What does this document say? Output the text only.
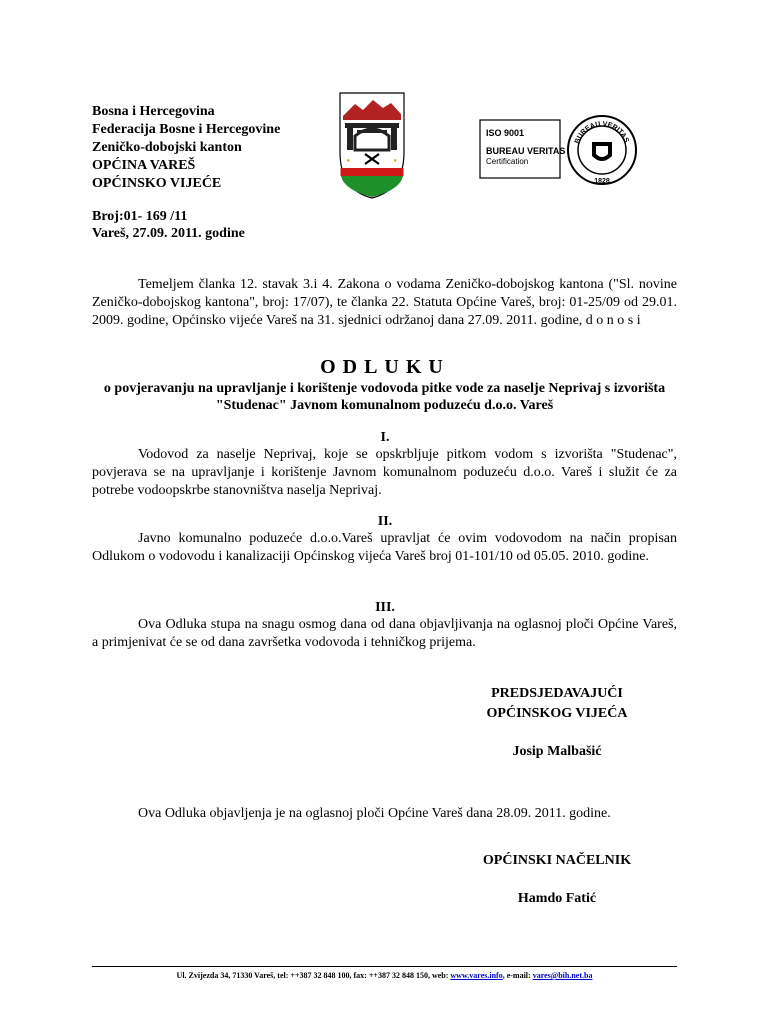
Bosna i Hercegovina
Federacija Bosne i Hercegovine
Zeničko-dobojski kanton
OPĆINA VAREŠ
OPĆINSKO VIJEĆE
★	★
ISO 9001
BUREAU VERITAS
Certification
BUREAU VERITAS
1828
Broj:01- 169 /11
Vareš, 27.09. 2011. godine
Temeljem članka 12. stavak 3.i 4. Zakona o vodama Zeničko-dobojskog kantona ("Sl. novine Zeničko-dobojskog kantona", broj: 17/07), te članka 22. Statuta Općine Vareš, broj: 01-25/09 od 29.01. 2009. godine, Općinsko vijeće Vareš na 31. sjednici održanoj dana 27.09. 2011. godine, d o n o s i
ODLUKU
o povjeravanju na upravljanje i korištenje vodovoda pitke vode za naselje Neprivaj s izvorišta "Studenac" Javnom komunalnom poduzeću d.o.o. Vareš
I.
Vodovod za naselje Neprivaj, koje se opskrbljuje pitkom vodom s izvorišta "Studenac", povjerava se na upravljanje i korištenje Javnom komunalnom poduzeću d.o.o. Vareš i služit će za potrebe vodoopskrbe stanovništva naselja Neprivaj.
II.
Javno komunalno poduzeće d.o.o.Vareš upravljat će ovim vodovodom na način propisan Odlukom o vodovodu i kanalizaciji Općinskog vijeća Vareš broj 01-101/10 od 05.05. 2010. godine.
III.
Ova Odluka stupa na snagu osmog dana od dana objavljivanja na oglasnoj ploči Općine Vareš, a primjenivat će se od dana završetka vodovoda i tehničkog prijema.
PREDSJEDAVAJUĆI
OPĆINSKOG VIJEĆA
Josip Malbašić
Ova Odluka objavljenja je na oglasnoj ploči Općine Vareš dana 28.09. 2011. godine.
OPĆINSKI NAČELNIK
Hamdo Fatić
Ul. Zvijezda 34, 71330 Vareš, tel: ++387 32 848 100, fax: ++387 32 848 150, web: www.vares.info, e-mail: vares@bih.net.ba
